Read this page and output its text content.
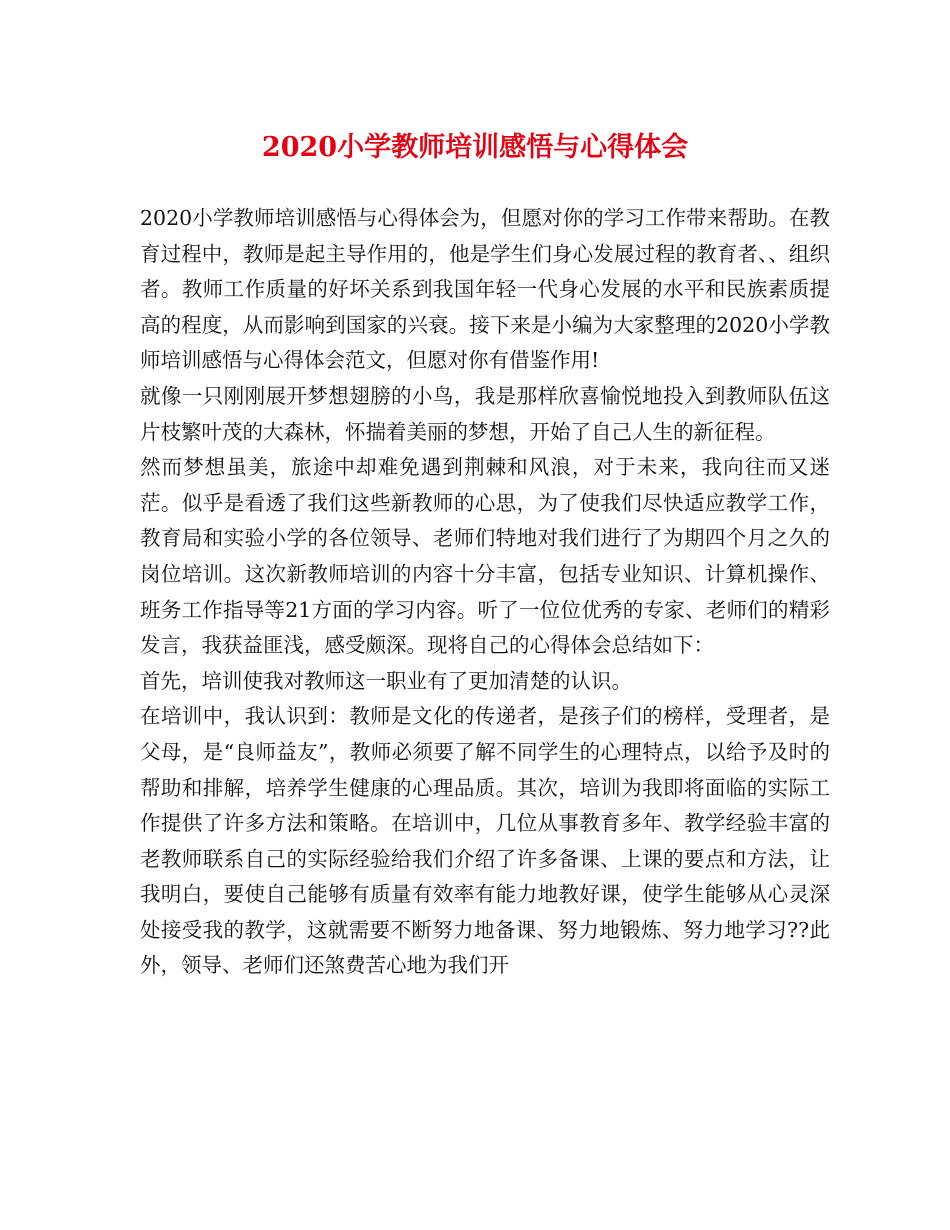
2020小学教师培训感悟与心得体会

2020小学教师培训感悟与心得体会为，但愿对你的学习工作带来帮助。在教育过程中，教师是起主导作用的，他是学生们身心发展过程的教育者、、组织者。教师工作质量的好坏关系到我国年轻一代身心发展的水平和民族素质提高的程度，从而影响到国家的兴衰。接下来是小编为大家整理的2020小学教师培训感悟与心得体会范文，但愿对你有借鉴作用!

就像一只刚刚展开梦想翅膀的小鸟，我是那样欣喜愉悦地投入到教师队伍这片枝繁叶茂的大森林，怀揣着美丽的梦想，开始了自己人生的新征程。

然而梦想虽美，旅途中却难免遇到荆棘和风浪，对于未来，我向往而又迷茫。似乎是看透了我们这些新教师的心思，为了使我们尽快适应教学工作，教育局和实验小学的各位领导、老师们特地对我们进行了为期四个月之久的岗位培训。这次新教师培训的内容十分丰富，包括专业知识、计算机操作、班务工作指导等21方面的学习内容。听了一位位优秀的专家、老师们的精彩发言，我获益匪浅，感受颇深。现将自己的心得体会总结如下：

首先，培训使我对教师这一职业有了更加清楚的认识。

在培训中，我认识到：教师是文化的传递者，是孩子们的榜样，受理者，是父母，是“良师益友”，教师必须要了解不同学生的心理特点，以给予及时的帮助和排解，培养学生健康的心理品质。其次，培训为我即将面临的实际工作提供了许多方法和策略。在培训中，几位从事教育多年、教学经验丰富的老教师联系自己的实际经验给我们介绍了许多备课、上课的要点和方法，让我明白，要使自己能够有质量有效率有能力地教好课，使学生能够从心灵深处接受我的教学，这就需要不断努力地备课、努力地锻炼、努力地学习??此外，领导、老师们还煞费苦心地为我们开
